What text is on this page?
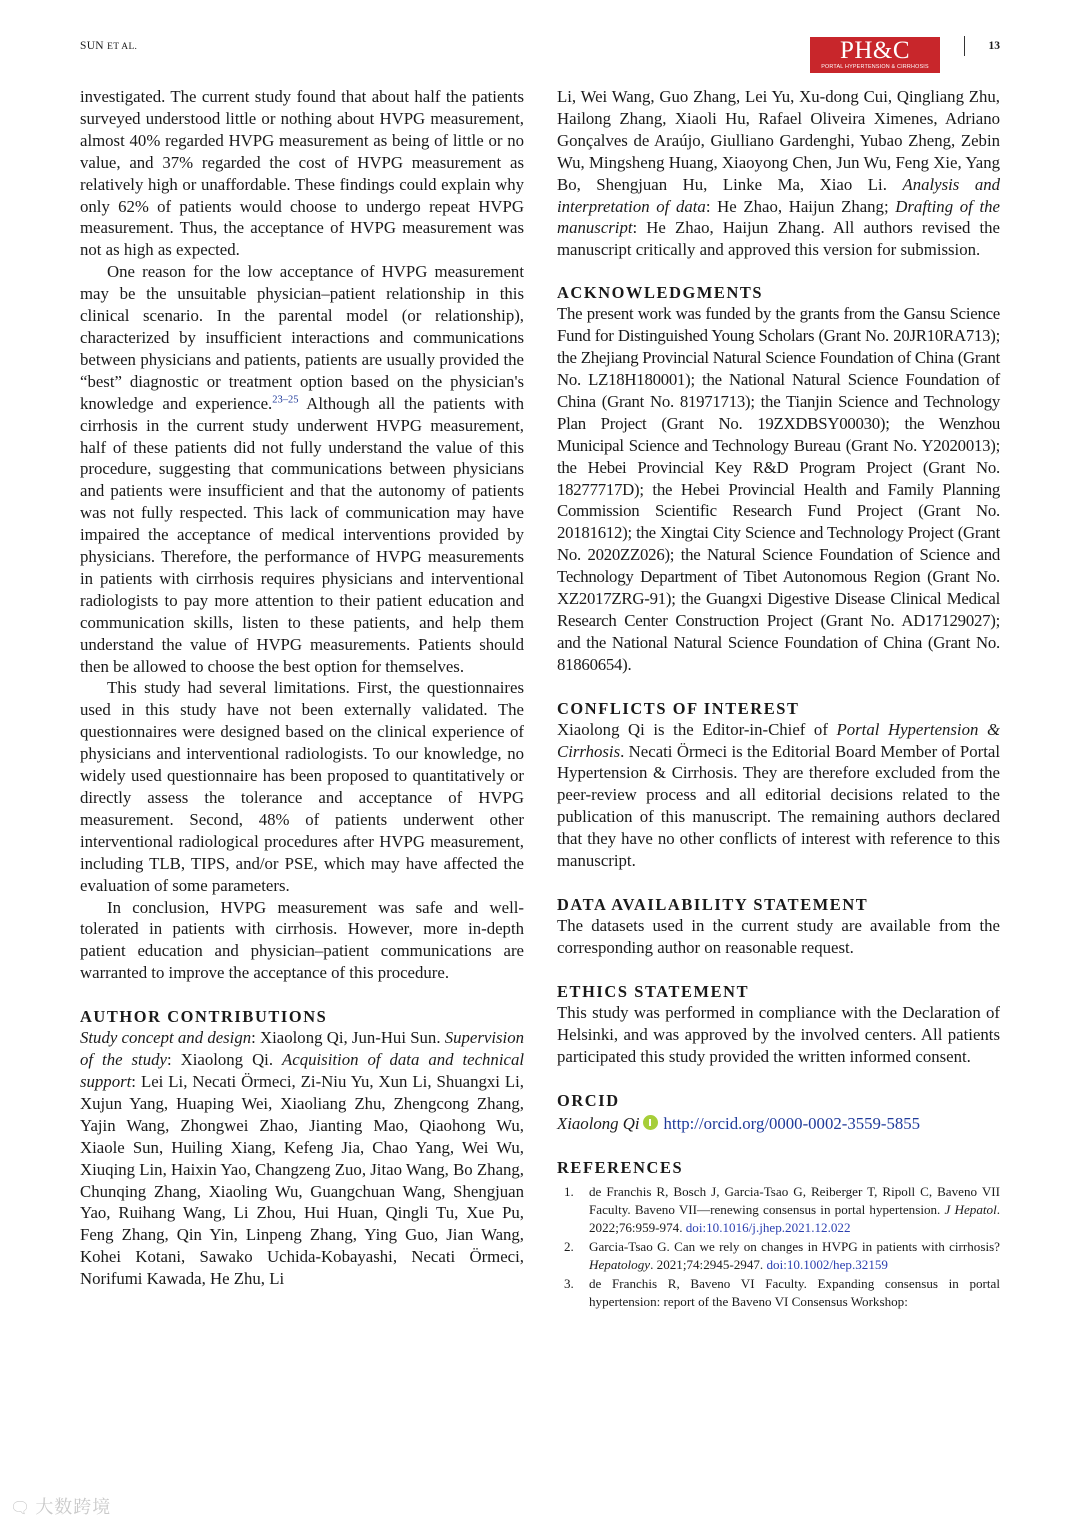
SUN ET AL.	PH&C
PORTAL HYPERTENSION & CIRRHOSIS
13

investigated. The current study found that about half the patients surveyed understood little or nothing about HVPG measurement, almost 40% regarded HVPG measurement as being of little or no value, and 37% regarded the cost of HVPG measurement as relatively high or unaffordable. These findings could explain why only 62% of patients would choose to undergo repeat HVPG measurement. Thus, the acceptance of HVPG measurement was not as high as expected.

One reason for the low acceptance of HVPG measurement may be the unsuitable physician–patient relationship in this clinical scenario. In the parental model (or relationship), characterized by insufficient interactions and communications between physicians and patients, patients are usually provided the “best” diagnostic or treatment option based on the physician's knowledge and experience.$^{23-25}$ Although all the patients with cirrhosis in the current study underwent HVPG measurement, half of these patients did not fully understand the value of this procedure, suggesting that communications between physicians and patients were insufficient and that the autonomy of patients was not fully respected. This lack of communication may have impaired the acceptance of medical interventions provided by physicians. Therefore, the performance of HVPG measurements in patients with cirrhosis requires physicians and interventional radiologists to pay more attention to their patient education and communication skills, listen to these patients, and help them understand the value of HVPG measurements. Patients should then be allowed to choose the best option for themselves.

This study had several limitations. First, the questionnaires used in this study have not been externally validated. The questionnaires were designed based on the clinical experience of physicians and interventional radiologists. To our knowledge, no widely used questionnaire has been proposed to quantitatively or directly assess the tolerance and acceptance of HVPG measurement. Second, 48% of patients underwent other interventional radiological procedures after HVPG measurement, including TLB, TIPS, and/or PSE, which may have affected the evaluation of some parameters.

In conclusion, HVPG measurement was safe and well-tolerated in patients with cirrhosis. However, more in-depth patient education and physician–patient communications are warranted to improve the acceptance of this procedure.

AUTHOR CONTRIBUTIONS

Study concept and design: Xiaolong Qi, Jun-Hui Sun. Supervision of the study: Xiaolong Qi. Acquisition of data and technical support: Lei Li, Necati Örmeci, Zi-Niu Yu, Xun Li, Shuangxi Li, Xujun Yang, Huaping Wei, Xiaoliang Zhu, Zhengcong Zhang, Yajin Wang, Zhongwei Zhao, Jianting Mao, Qiaohong Wu, Xiaole Sun, Huiling Xiang, Kefeng Jia, Chao Yang, Wei Wu, Xiuqing Lin, Haixin Yao, Changzeng Zuo, Jitao Wang, Bo Zhang, Chunqing Zhang, Xiaoling Wu, Guangchuan Wang, Shengjuan Yao, Ruihang Wang, Li Zhou, Hui Huan, Qingli Tu, Xue Pu, Feng Zhang, Qin Yin, Linpeng Zhang, Ying Guo, Jian Wang, Kohei Kotani, Sawako Uchida-Kobayashi, Necati Örmeci, Norifumi Kawada, He Zhu, Li

Li, Wei Wang, Guo Zhang, Lei Yu, Xu-dong Cui, Qingliang Zhu, Hailong Zhang, Xiaoli Hu, Rafael Oliveira Ximenes, Adriano Gonçalves de Araújo, Giulliano Gardenghi, Yubao Zheng, Zebin Wu, Mingsheng Huang, Xiaoyong Chen, Jun Wu, Feng Xie, Yang Bo, Shengjuan Hu, Linke Ma, Xiao Li. Analysis and interpretation of data: He Zhao, Haijun Zhang; Drafting of the manuscript: He Zhao, Haijun Zhang. All authors revised the manuscript critically and approved this version for submission.

ACKNOWLEDGMENTS

The present work was funded by the grants from the Gansu Science Fund for Distinguished Young Scholars (Grant No. 20JR10RA713); the Zhejiang Provincial Natural Science Foundation of China (Grant No. LZ18H180001); the National Natural Science Foundation of China (Grant No. 81971713); the Tianjin Science and Technology Plan Project (Grant No. 19ZXDBSY00030); the Wenzhou Municipal Science and Technology Bureau (Grant No. Y2020013); the Hebei Provincial Key R&D Program Project (Grant No. 18277717D); the Hebei Provincial Health and Family Planning Commission Scientific Research Fund Project (Grant No. 20181612); the Xingtai City Science and Technology Project (Grant No. 2020ZZ026); the Natural Science Foundation of Science and Technology Department of Tibet Autonomous Region (Grant No. XZ2017ZRG-91); the Guangxi Digestive Disease Clinical Medical Research Center Construction Project (Grant No. AD17129027); and the National Natural Science Foundation of China (Grant No. 81860654).

CONFLICTS OF INTEREST

Xiaolong Qi is the Editor-in-Chief of Portal Hypertension & Cirrhosis. Necati Örmeci is the Editorial Board Member of Portal Hypertension & Cirrhosis. They are therefore excluded from the peer-review process and all editorial decisions related to the publication of this manuscript. The remaining authors declared that they have no other conflicts of interest with reference to this manuscript.

DATA AVAILABILITY STATEMENT

The datasets used in the current study are available from the corresponding author on reasonable request.

ETHICS STATEMENT

This study was performed in compliance with the Declaration of Helsinki, and was approved by the involved centers. All patients participated this study provided the written informed consent.

ORCID
Xiaolong Qi http://orcid.org/0000-0002-3559-5855
REFERENCES
1. de Franchis R, Bosch J, Garcia-Tsao G, Reiberger T, Ripoll C, Baveno VII Faculty. Baveno VII—renewing consensus in portal hypertension. J Hepatol. 2022;76:959-974. doi:10.1016/j.jhep.2021.12.022
2. Garcia-Tsao G. Can we rely on changes in HVPG in patients with cirrhosis? Hepatology. 2021;74:2945-2947. doi:10.1002/hep.32159
3. de Franchis R, Baveno VI Faculty. Expanding consensus in portal hypertension: report of the Baveno VI Consensus Workshop:
🗨 大数跨境
